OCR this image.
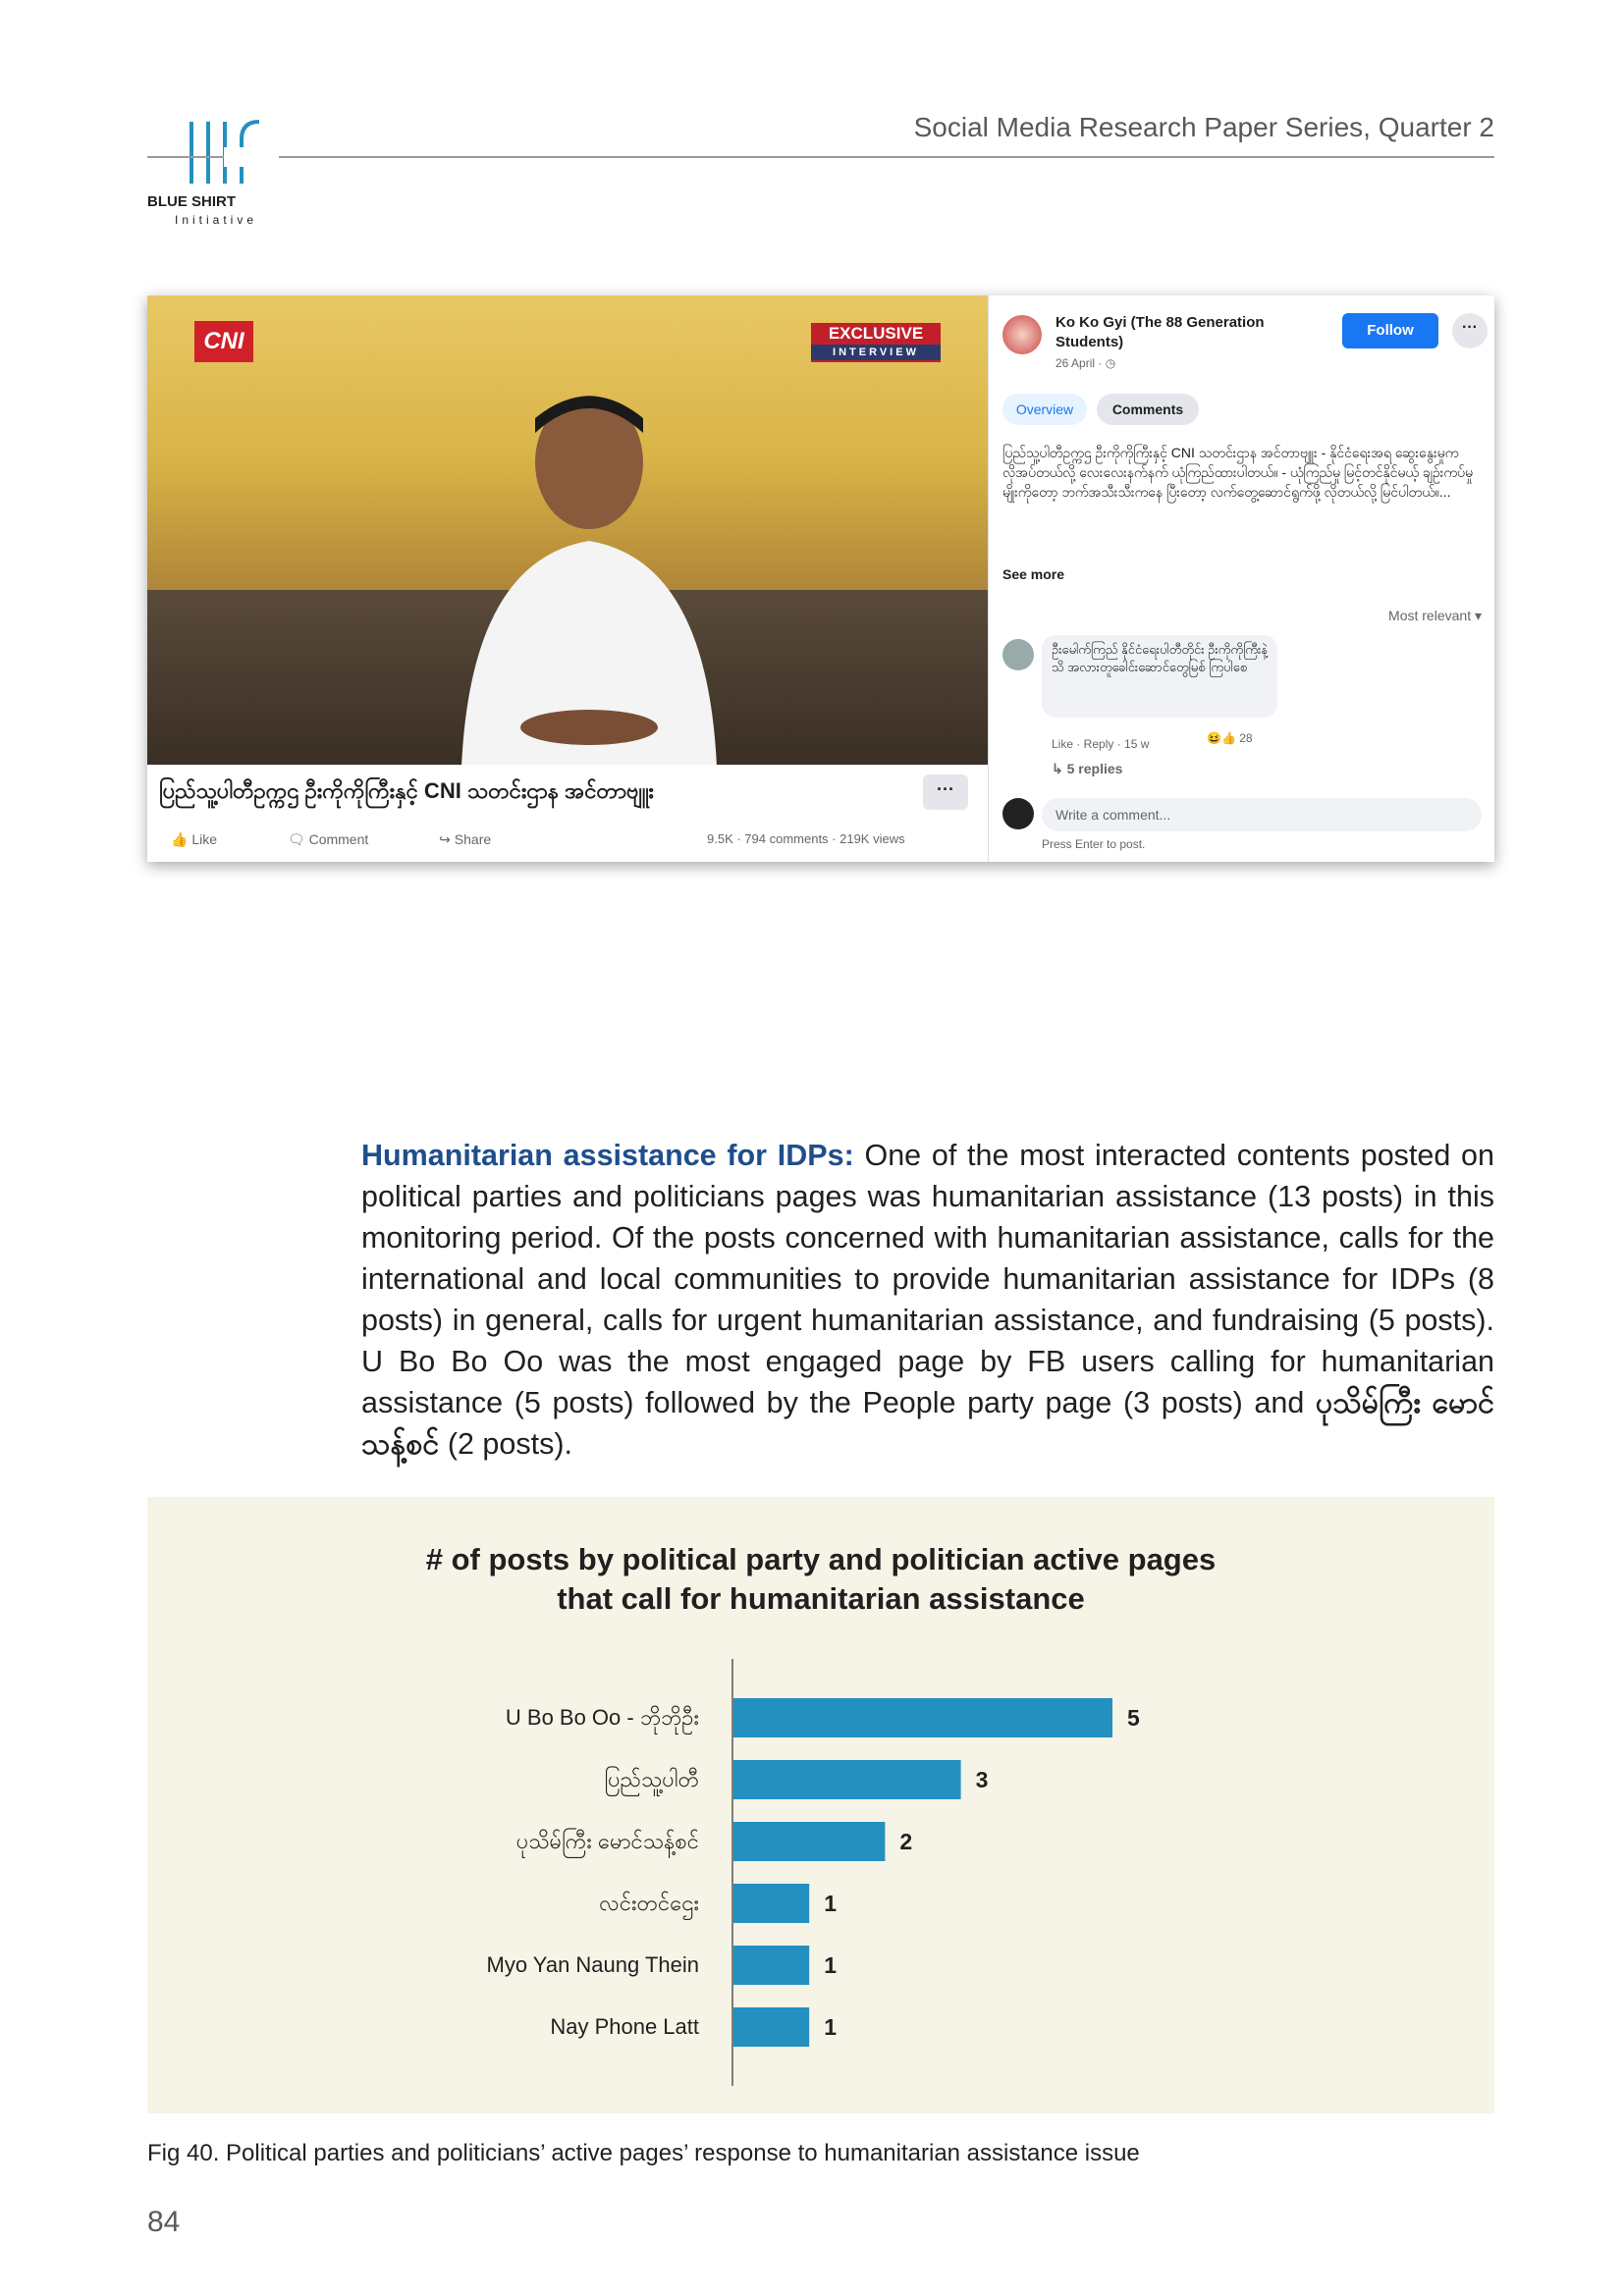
BLUE SHIRT
Initiative
Social Media Research Paper Series, Quarter 2
CNI	EXCLUSIVE
INTERVIEW
ပြည်သူ့ပါတီဥက္ကဌ ဦးကိုကိုကြီးနှင့် CNI သတင်းဌာန အင်တာဗျူး	···
👍 Like	🗨 Comment	↪ Share	9.5K · 794 comments · 219K views
Ko Ko Gyi (The 88 Generation Students)
26 April · ◷
Follow	···
Overview	Comments
ပြည်သူ့ပါတီဥက္ကဌ ဦးကိုကိုကြီးနှင့် CNI သတင်းဌာန အင်တာဗျူး - နိုင်ငံရေးအရ ဆွေးနွေးမှုက လိုအပ်တယ်လို့ လေးလေးနက်နက် ယုံကြည်ထားပါတယ်။ - ယုံကြည်မှု မြင့်တင်နိုင်မယ့် ချဉ်းကပ်မှုမျိုးကိုတော့ ဘက်အသီးသီးကနေ ပြီးတော့ လက်တွေ့ဆောင်ရွက်ဖို့ လိုတယ်လို့ မြင်ပါတယ်။...
See more
Most relevant ▾
ဦးမေါက်ကြည် နိုင်ငံရေးပါတီတိုင်း ဦးကိုကိုကြီးနဲ့သိ အလားတူခေါင်းဆောင်တွေမြစ် ကြပါစေ
Like · Reply · 15 w	😆👍 28
↳ 5 replies
Write a comment...
Press Enter to post.
Humanitarian assistance for IDPs: One of the most interacted contents posted on political parties and politicians pages was humanitarian assistance (13 posts) in this monitoring period. Of the posts concerned with humanitarian assistance, calls for the international and local communities to provide humanitarian assistance for IDPs (8 posts) in general, calls for urgent humanitarian assistance, and fundraising (5 posts). U Bo Bo Oo was the most engaged page by FB users calling for humanitarian assistance (5 posts) followed by the People party page (3 posts) and ပုသိမ်ကြီး မောင်သန့်စင် (2 posts).
# of posts by political party and politician active pages
that call for humanitarian assistance
U Bo Bo Oo - ဘိုဘိုဦး	5
ပြည်သူ့ပါတီ	3
ပုသိမ်ကြီး မောင်သန့်စင်	2
လင်းတင်ဌေး	1
Myo Yan Naung Thein	1
Nay Phone Latt	1
Fig 40. Political parties and politicians’ active pages’ response to humanitarian assistance issue
84
